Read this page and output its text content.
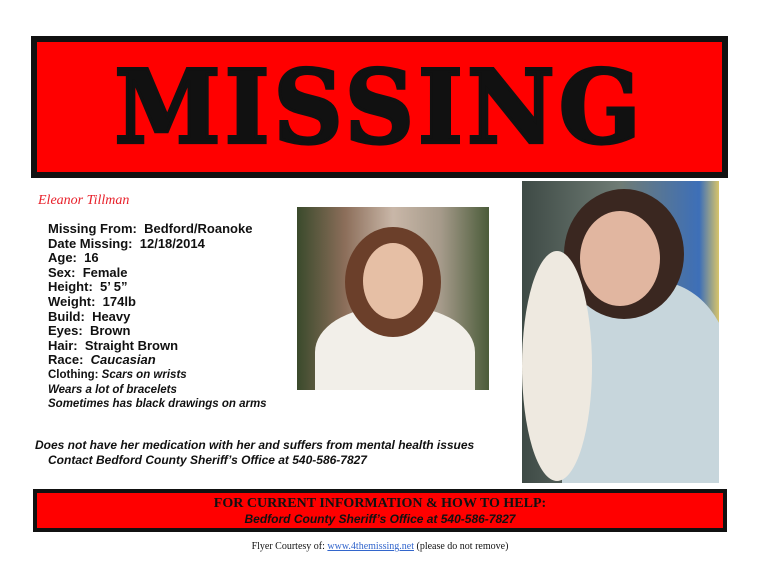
MISSING
Eleanor Tillman
Missing From: Bedford/Roanoke
Date Missing: 12/18/2014
Age: 16
Sex: Female
Height: 5’ 5”
Weight: 174lb
Build: Heavy
Eyes: Brown
Hair: Straight Brown
Race: Caucasian
Clothing: Scars on wrists
Wears a lot of bracelets
Sometimes has black drawings on arms
Does not have her medication with her and suffers from mental health issues
Contact Bedford County Sheriff’s Office at 540-586-7827
FOR CURRENT INFORMATION & HOW TO HELP:
Bedford County Sheriff’s Office at 540-586-7827
Flyer Courtesy of: www.4themissing.net (please do not remove)
